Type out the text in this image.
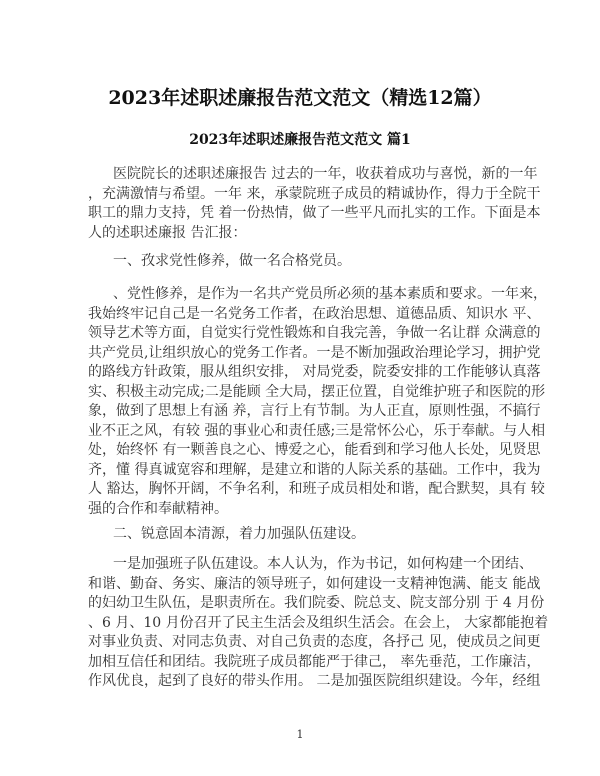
2023年述职述廉报告范文范文（精选12篇）
2023年述职述廉报告范文范文 篇1
医院院长的述职述廉报告 过去的一年，收获着成功与喜悦，新的一年
，充满激情与希望。一年 来，承蒙院班子成员的精诚协作，得力于全院干
职工的鼎力支持，凭 着一份热情，做了一些平凡而扎实的工作。下面是本
人的述职述廉报 告汇报：
一、孜求党性修养，做一名合格党员。
、党性修养，是作为一名共产党员所必须的基本素质和要求。一年来，
我始终牢记自己是一名党务工作者，在政治思想、道德品质、知识水 平、
领导艺术等方面，自觉实行党性锻炼和自我完善，争做一名让群 众满意的
共产党员,让组织放心的党务工作者。一是不断加强政治理论学习，拥护党
的路线方针政策，服从组织安排， 对局党委，院委安排的工作能够认真落
实、积极主动完成;二是能顾 全大局，摆正位置，自觉维护班子和医院的形
象，做到了思想上有涵 养，言行上有节制。为人正直，原则性强，不搞行
业不正之风，有较 强的事业心和责任感;三是常怀公心，乐于奉献。与人相
处，始终怀 有一颗善良之心、博爱之心，能看到和学习他人长处，见贤思
齐，懂 得真诚宽容和理解，是建立和谐的人际关系的基础。工作中，我为
人 豁达，胸怀开阔，不争名利，和班子成员相处和谐，配合默契，具有 较
强的合作和奉献精神。
二、锐意固本清源，着力加强队伍建设。
一是加强班子队伍建设。本人认为，作为书记，如何构建一个团结、
和谐、勤奋、务实、廉洁的领导班子，如何建设一支精神饱满、能支 能战
的妇幼卫生队伍，是职责所在。我们院委、院总支、院支部分别 于 4 月份
、6 月、10 月份召开了民主生活会及组织生活会。在会上， 大家都能抱着
对事业负责、对同志负责、对自己负责的态度，各抒己 见，使成员之间更
加相互信任和团结。我院班子成员都能严于律己， 率先垂范，工作廉洁，
作风优良，起到了良好的带头作用。 二是加强医院组织建设。今年，经组
1
